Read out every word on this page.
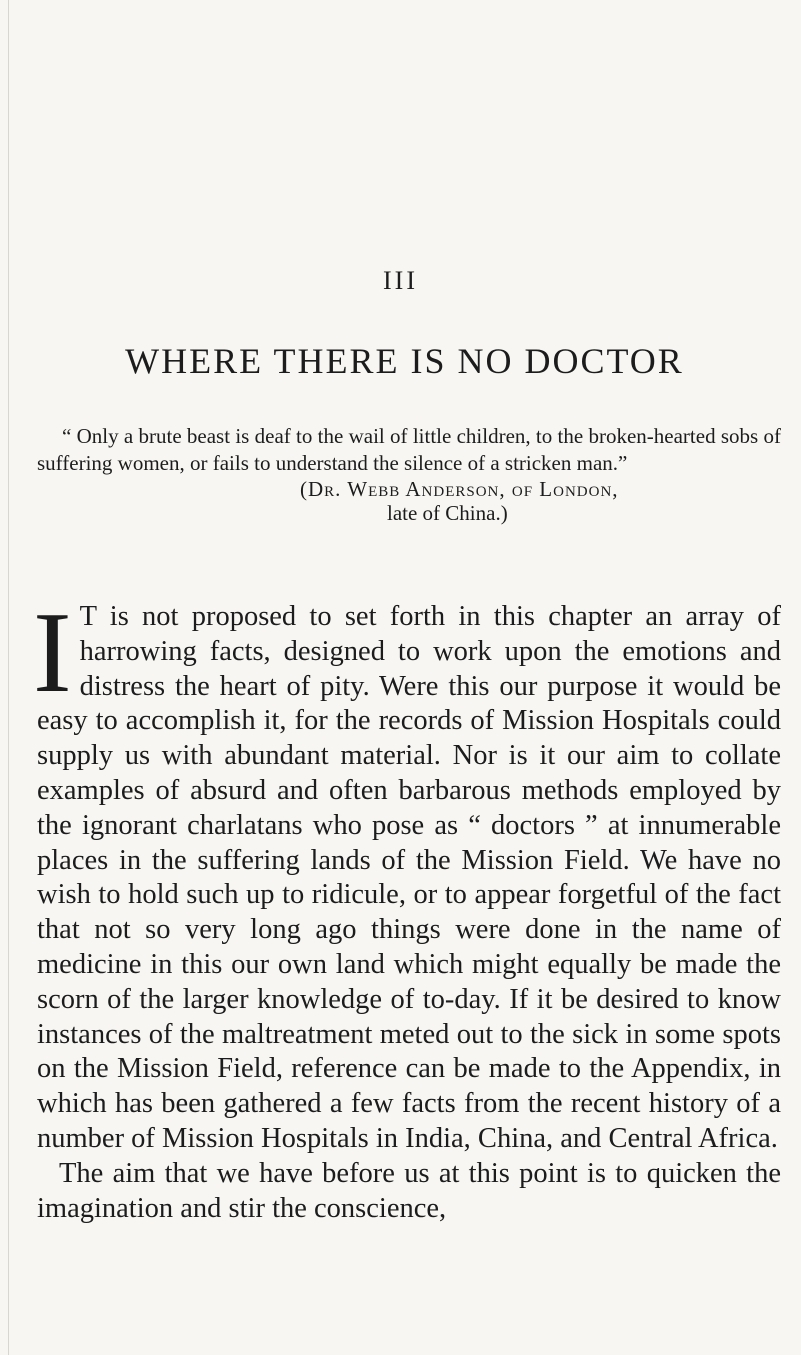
III
WHERE THERE IS NO DOCTOR

“ Only a brute beast is deaf to the wail of little children, to the broken-hearted sobs of suffering women, or fails to understand the silence of a stricken man.”

(Dr. Webb Anderson, of London,
late of China.)

I T is not proposed to set forth in this chapter an array of harrowing facts, designed to work upon the emotions and distress the heart of pity. Were this our purpose it would be easy to accomplish it, for the records of Mission Hospitals could supply us with abundant material. Nor is it our aim to collate examples of absurd and often barbarous methods employed by the ignorant charlatans who pose as “ doctors ” at innumerable places in the suffering lands of the Mission Field. We have no wish to hold such up to ridicule, or to appear forgetful of the fact that not so very long ago things were done in the name of medicine in this our own land which might equally be made the scorn of the larger knowledge of to-day. If it be desired to know instances of the maltreatment meted out to the sick in some spots on the Mission Field, reference can be made to the Appendix, in which has been gathered a few facts from the recent history of a number of Mission Hospitals in India, China, and Central Africa.

The aim that we have before us at this point is to quicken the imagination and stir the conscience,
